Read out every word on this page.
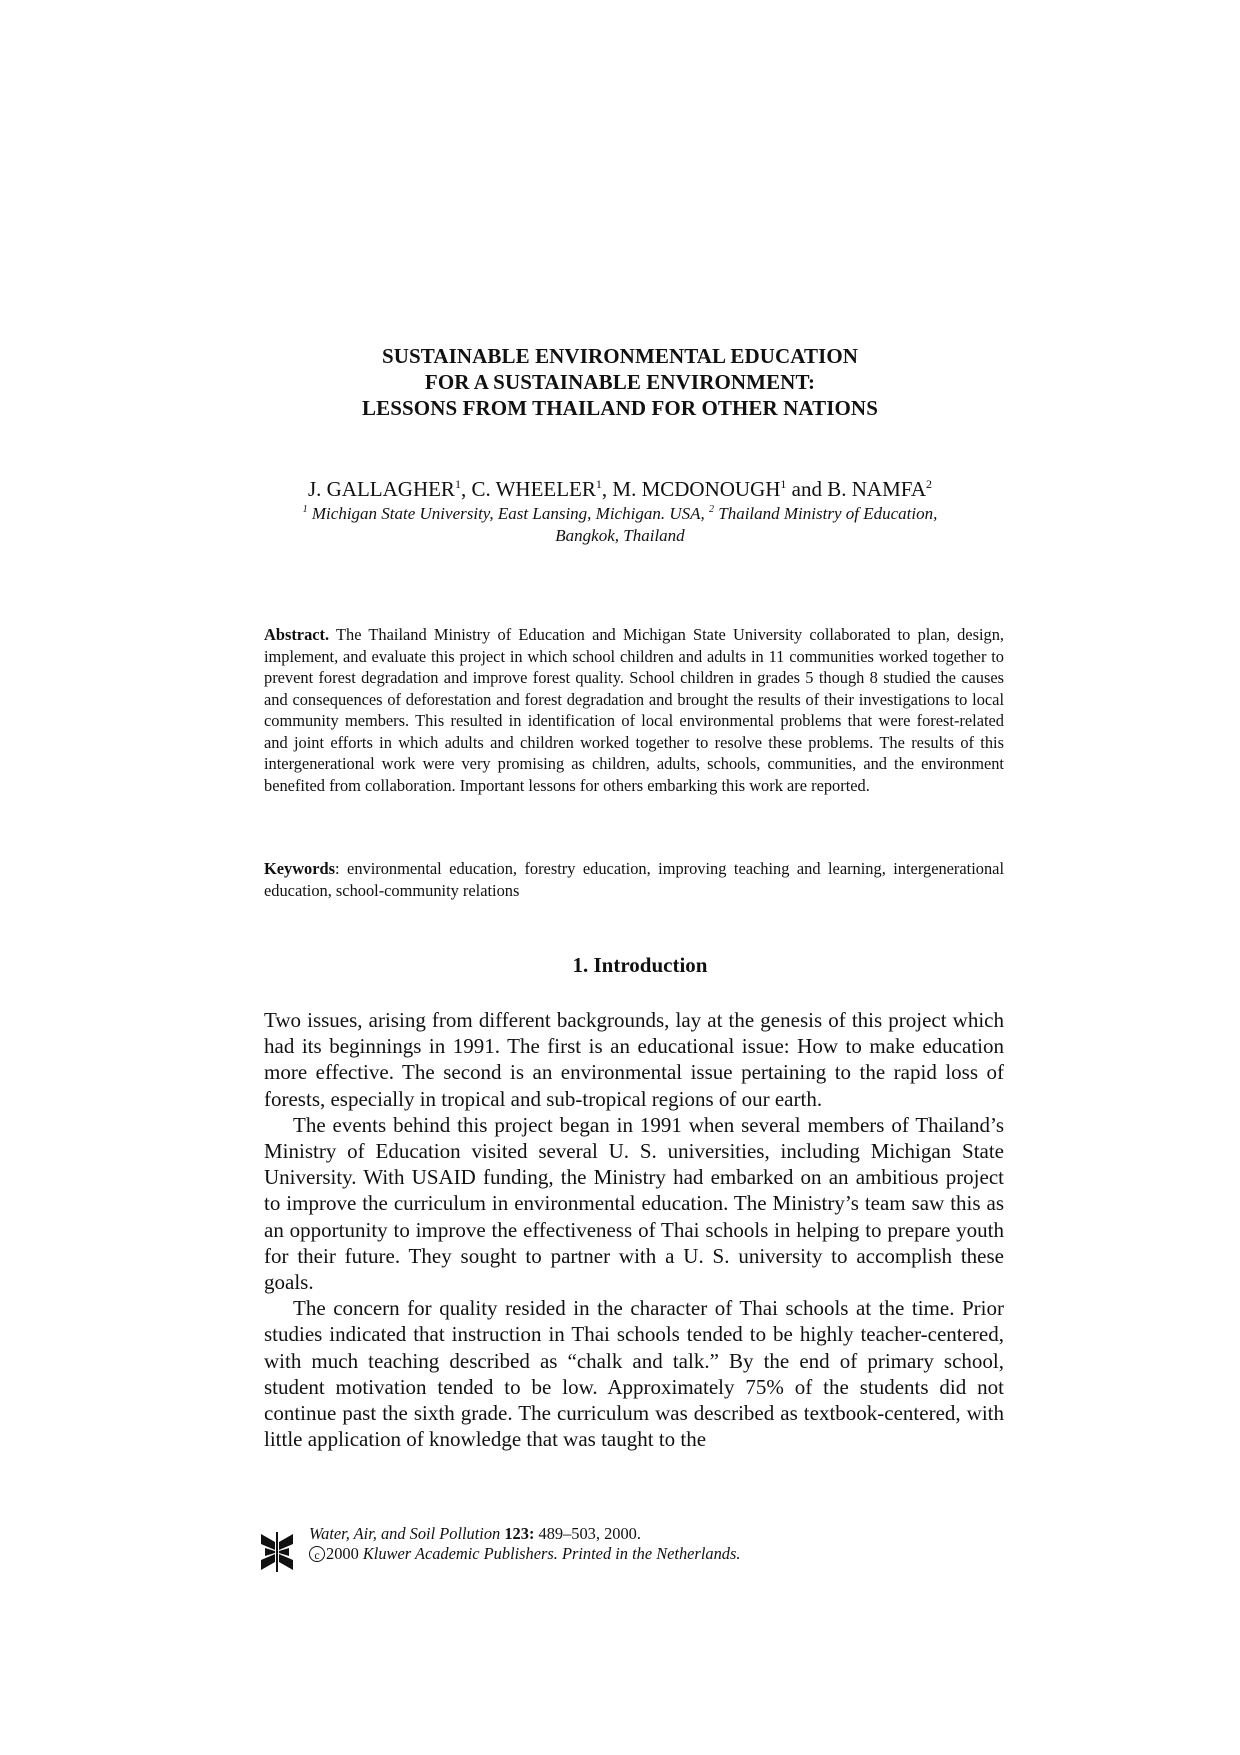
SUSTAINABLE ENVIRONMENTAL EDUCATION
FOR A SUSTAINABLE ENVIRONMENT:
LESSONS FROM THAILAND FOR OTHER NATIONS
J. GALLAGHER$^1$, C. WHEELER$^1$, M. MCDONOUGH$^1$ and B. NAMFA$^2$
$^1$ Michigan State University, East Lansing, Michigan. USA, $^2$ Thailand Ministry of Education,
Bangkok, Thailand
Abstract. The Thailand Ministry of Education and Michigan State University collaborated to plan, design, implement, and evaluate this project in which school children and adults in 11 communities worked together to prevent forest degradation and improve forest quality. School children in grades 5 though 8 studied the causes and consequences of deforestation and forest degradation and brought the results of their investigations to local community members. This resulted in identification of local environmental problems that were forest-related and joint efforts in which adults and children worked together to resolve these problems. The results of this intergenerational work were very promising as children, adults, schools, communities, and the environment benefited from collaboration. Important lessons for others embarking this work are reported.
Keywords: environmental education, forestry education, improving teaching and learning, intergenerational education, school-community relations
1. Introduction

Two issues, arising from different backgrounds, lay at the genesis of this project which had its beginnings in 1991. The first is an educational issue: How to make education more effective. The second is an environmental issue pertaining to the rapid loss of forests, especially in tropical and sub-tropical regions of our earth.

The events behind this project began in 1991 when several members of Thailand’s Ministry of Education visited several U. S. universities, including Michigan State University. With USAID funding, the Ministry had embarked on an ambitious project to improve the curriculum in environmental education. The Ministry’s team saw this as an opportunity to improve the effectiveness of Thai schools in helping to prepare youth for their future. They sought to partner with a U. S. university to accomplish these goals.

The concern for quality resided in the character of Thai schools at the time. Prior studies indicated that instruction in Thai schools tended to be highly teacher-centered, with much teaching described as “chalk and talk.” By the end of primary school, student motivation tended to be low. Approximately 75% of the students did not continue past the sixth grade. The curriculum was described as textbook-centered, with little application of knowledge that was taught to the

Water, Air, and Soil Pollution 123: 489–503, 2000.
c 2000 Kluwer Academic Publishers. Printed in the Netherlands.
